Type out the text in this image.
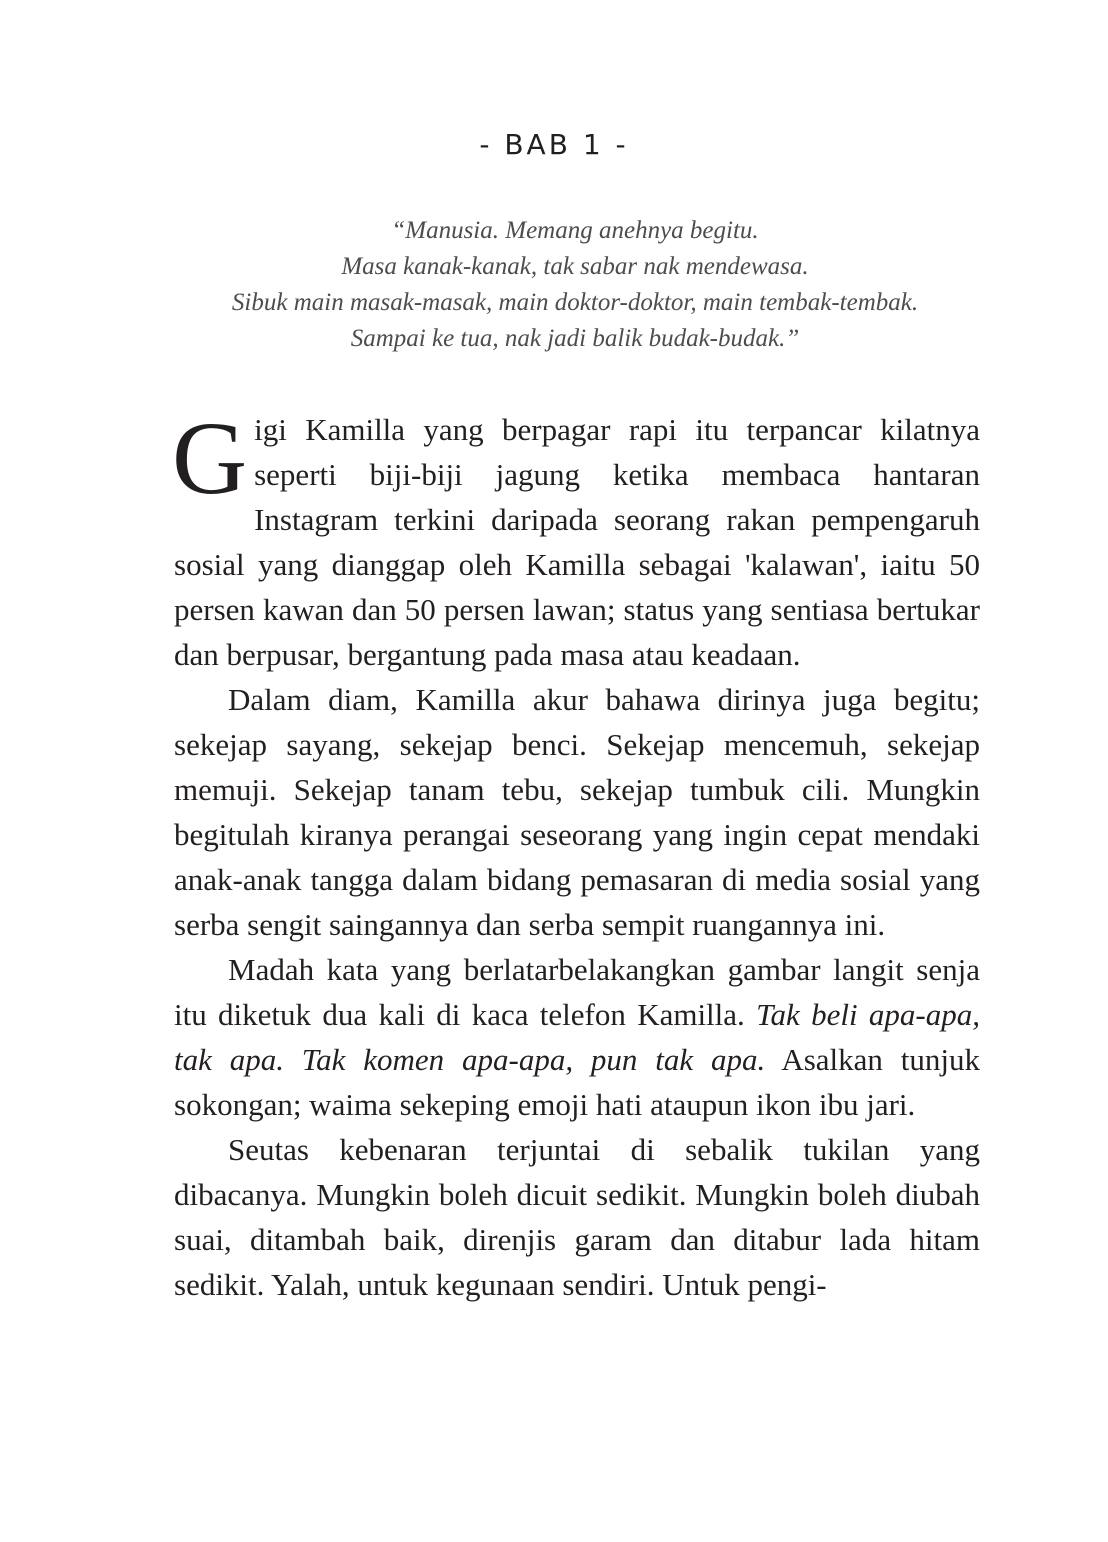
- BAB 1 -
“Manusia. Memang anehnya begitu.
Masa kanak-kanak, tak sabar nak mendewasa.
Sibuk main masak-masak, main doktor-doktor, main tembak-tembak.
Sampai ke tua, nak jadi balik budak-budak.”

Gigi Kamilla yang berpagar rapi itu terpancar kilatnya seperti biji-biji jagung ketika membaca hantaran Instagram terkini daripada seorang rakan pempengaruh sosial yang dianggap oleh Kamilla sebagai 'kalawan', iaitu 50 persen kawan dan 50 persen lawan; status yang sentiasa bertukar dan berpusar, bergantung pada masa atau keadaan.

Dalam diam, Kamilla akur bahawa dirinya juga begitu; sekejap sayang, sekejap benci. Sekejap mencemuh, sekejap memuji. Sekejap tanam tebu, sekejap tumbuk cili. Mungkin begitulah kiranya perangai seseorang yang ingin cepat mendaki anak-anak tangga dalam bidang pemasaran di media sosial yang serba sengit saingannya dan serba sempit ruangannya ini.

Madah kata yang berlatarbelakangkan gambar langit senja itu diketuk dua kali di kaca telefon Kamilla. Tak beli apa-apa, tak apa. Tak komen apa-apa, pun tak apa. Asalkan tunjuk sokongan; waima sekeping emoji hati ataupun ikon ibu jari.

Seutas kebenaran terjuntai di sebalik tukilan yang dibacanya. Mungkin boleh dicuit sedikit. Mungkin boleh diubah suai, ditambah baik, direnjis garam dan ditabur lada hitam sedikit. Yalah, untuk kegunaan sendiri. Untuk pengi-
